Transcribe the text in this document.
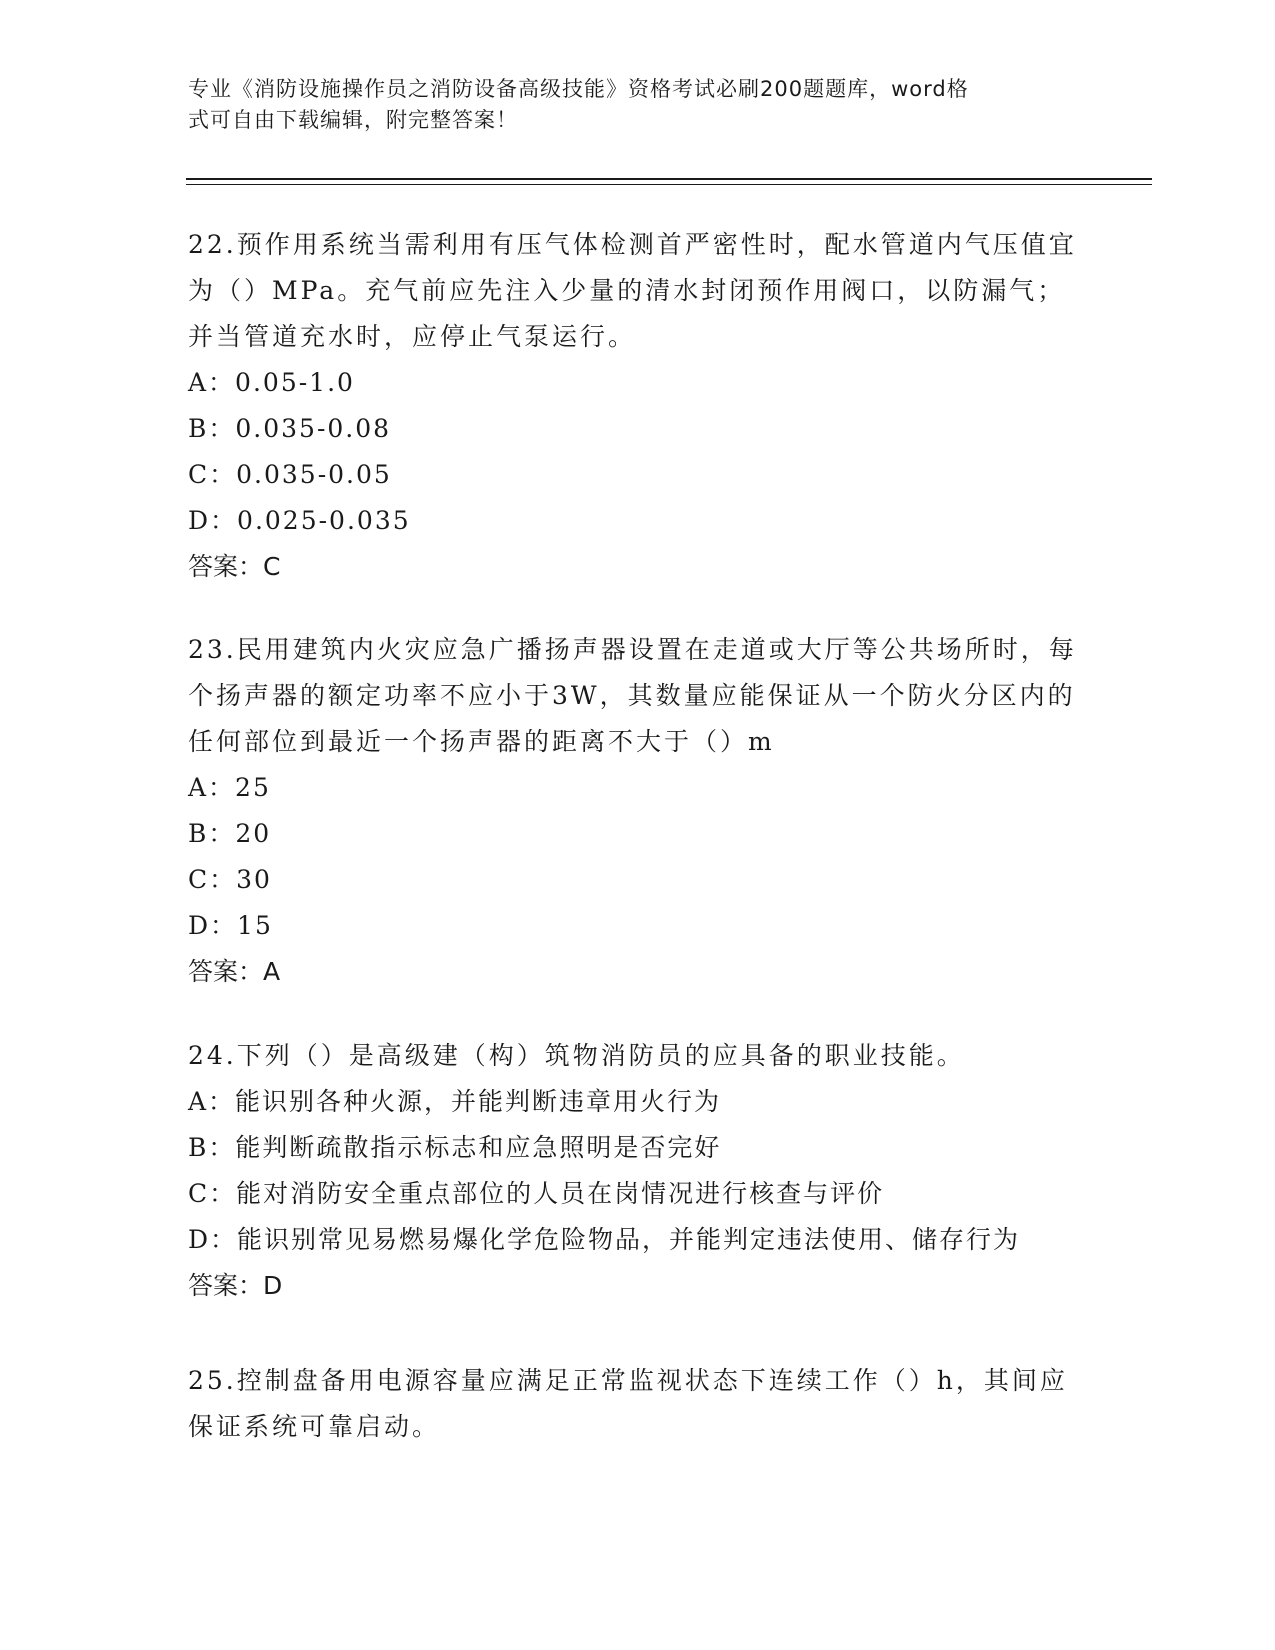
专业《消防设施操作员之消防设备高级技能》资格考试必刷200题题库，word格
式可自由下载编辑，附完整答案！

22.预作用系统当需利用有压气体检测首严密性时，配水管道内气压值宜为（）MPa。充气前应先注入少量的清水封闭预作用阀口，以防漏气；并当管道充水时，应停止气泵运行。

A：0.05-1.0

B：0.035-0.08

C：0.035-0.05

D：0.025-0.035

答案：C

23.民用建筑内火灾应急广播扬声器设置在走道或大厅等公共场所时，每个扬声器的额定功率不应小于3W，其数量应能保证从一个防火分区内的任何部位到最近一个扬声器的距离不大于（）m

A：25

B：20

C：30

D：15

答案：A

24.下列（）是高级建（构）筑物消防员的应具备的职业技能。

A：能识别各种火源，并能判断违章用火行为

B：能判断疏散指示标志和应急照明是否完好

C：能对消防安全重点部位的人员在岗情况进行核查与评价

D：能识别常见易燃易爆化学危险物品，并能判定违法使用、储存行为

答案：D

25.控制盘备用电源容量应满足正常监视状态下连续工作（）h，其间应保证系统可靠启动。
